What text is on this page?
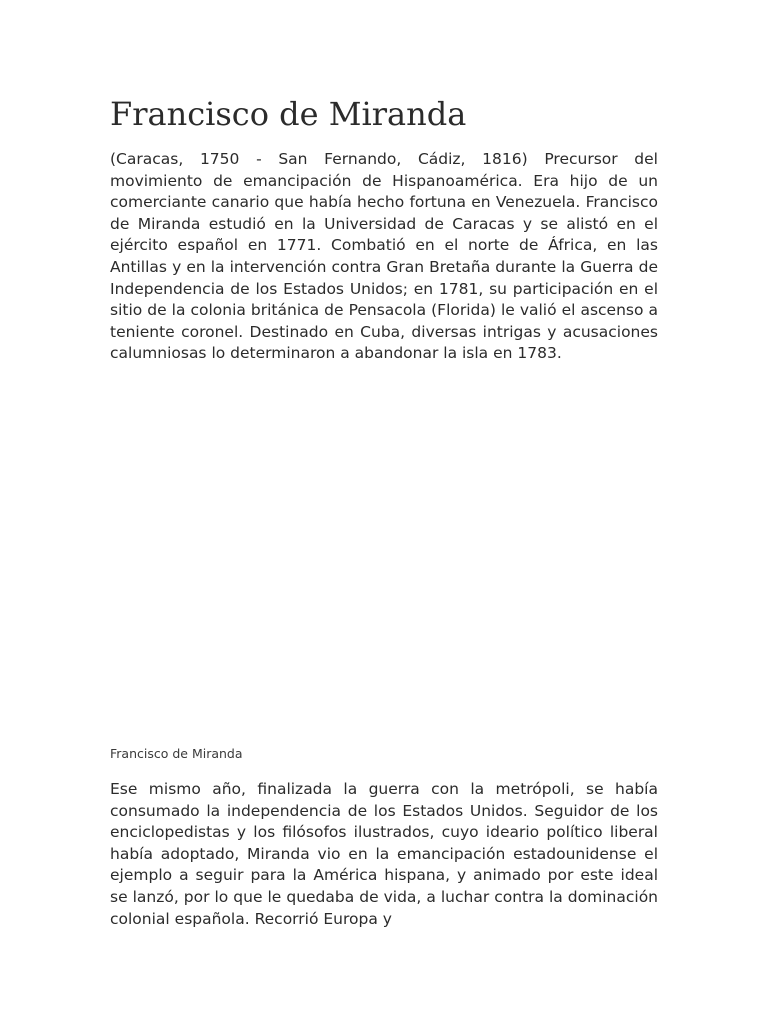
Francisco de Miranda

(Caracas, 1750 - San Fernando, Cádiz, 1816) Precursor del movimiento de emancipación de Hispanoamérica. Era hijo de un comerciante canario que había hecho fortuna en Venezuela. Francisco de Miranda estudió en la Universidad de Caracas y se alistó en el ejército español en 1771. Combatió en el norte de África, en las Antillas y en la intervención contra Gran Bretaña durante la Guerra de Independencia de los Estados Unidos; en 1781, su participación en el sitio de la colonia británica de Pensacola (Florida) le valió el ascenso a teniente coronel. Destinado en Cuba, diversas intrigas y acusaciones calumniosas lo determinaron a abandonar la isla en 1783.

Francisco de Miranda

Ese mismo año, finalizada la guerra con la metrópoli, se había consumado la independencia de los Estados Unidos. Seguidor de los enciclopedistas y los filósofos ilustrados, cuyo ideario político liberal había adoptado, Miranda vio en la emancipación estadounidense el ejemplo a seguir para la América hispana, y animado por este ideal se lanzó, por lo que le quedaba de vida, a luchar contra la dominación colonial española. Recorrió Europa y
